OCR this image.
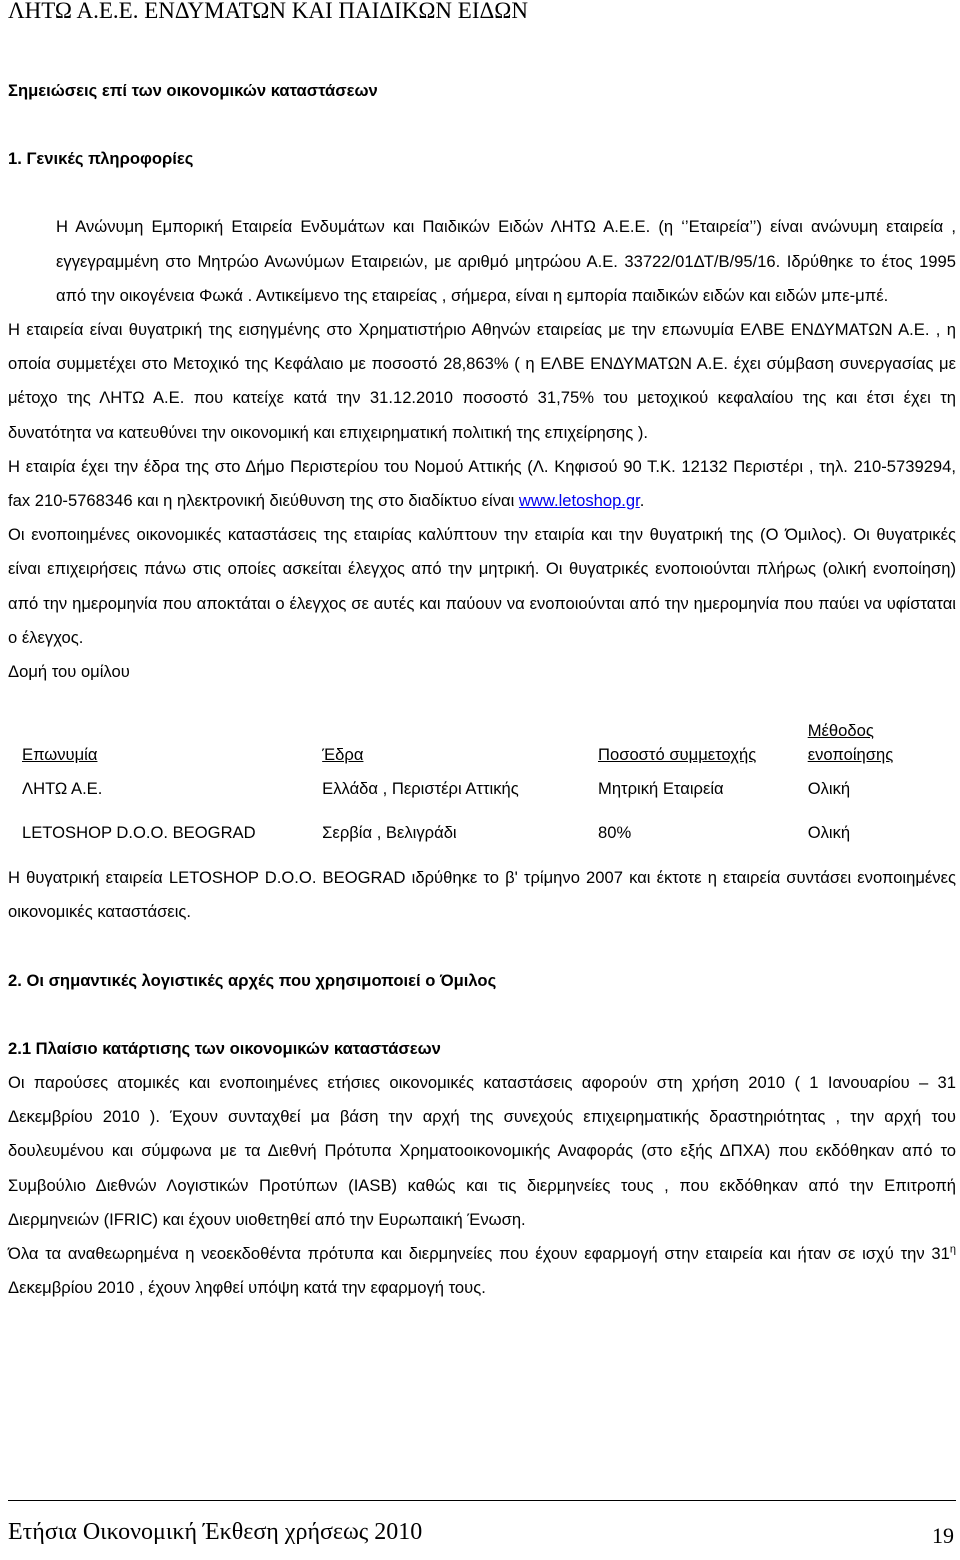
ΛΗΤΩ Α.Ε.Ε. ΕΝΔΥΜΑΤΩΝ ΚΑΙ ΠΑΙΔΙΚΩΝ ΕΙΔΩΝ

Σημειώσεις επί των οικονομικών καταστάσεων

1. Γενικές πληροφορίες

Η Ανώνυμη Εμπορική Εταιρεία Ενδυμάτων και Παιδικών Ειδών ΛΗΤΩ Α.Ε.Ε. (η ‘’Εταιρεία’’) είναι ανώνυμη εταιρεία , εγγεγραμμένη στο Μητρώο Ανωνύμων Εταιρειών, με αριθμό μητρώου Α.Ε. 33722/01ΔΤ/Β/95/16. Ιδρύθηκε το έτος 1995 από την οικογένεια Φωκά . Αντικείμενο της εταιρείας , σήμερα, είναι η εμπορία παιδικών ειδών και ειδών μπε-μπέ.

Η εταιρεία είναι θυγατρική της εισηγμένης στο Χρηματιστήριο Αθηνών εταιρείας με την επωνυμία ΕΛΒΕ ΕΝΔΥΜΑΤΩΝ Α.Ε. , η οποία συμμετέχει στο Μετοχικό της Κεφάλαιο με ποσοστό 28,863% ( η ΕΛΒΕ ΕΝΔΥΜΑΤΩΝ Α.Ε. έχει σύμβαση συνεργασίας με μέτοχο της ΛΗΤΩ Α.Ε. που κατείχε κατά την 31.12.2010 ποσοστό 31,75% του μετοχικού κεφαλαίου της και έτσι έχει τη δυνατότητα να κατευθύνει την οικονομική και επιχειρηματική πολιτική της επιχείρησης ).

Η εταιρία έχει την έδρα της στο Δήμο Περιστερίου του Νομού Αττικής (Λ. Κηφισού 90 Τ.Κ. 12132 Περιστέρι , τηλ. 210-5739294, fax 210-5768346 και η ηλεκτρονική διεύθυνση της στο διαδίκτυο είναι www.letoshop.gr.

Οι ενοποιημένες οικονομικές καταστάσεις της εταιρίας καλύπτουν την εταιρία και την θυγατρική της (Ο Όμιλος). Οι θυγατρικές είναι επιχειρήσεις πάνω στις οποίες ασκείται έλεγχος από την μητρική. Οι θυγατρικές ενοποιούνται πλήρως (ολική ενοποίηση) από την ημερομηνία που αποκτάται ο έλεγχος σε αυτές και παύουν να ενοποιούνται από την ημερομηνία που παύει να υφίσταται ο έλεγχος.

Δομή του ομίλου

Επωνυμία	Έδρα	Ποσοστό συμμετοχής	Μέθοδος ενοποίησης
ΛΗΤΩ Α.Ε.	Ελλάδα , Περιστέρι Αττικής	Μητρική Εταιρεία	Ολική
LETOSHOP D.O.O. BEOGRAD	Σερβία , Βελιγράδι	80%	Ολική

Η θυγατρική εταιρεία LETOSHOP D.O.O. BEOGRAD ιδρύθηκε το β' τρίμηνο 2007 και έκτοτε η εταιρεία συντάσει ενοποιημένες οικονομικές καταστάσεις.

2. Οι σημαντικές λογιστικές αρχές που χρησιμοποιεί ο Όμιλος

2.1 Πλαίσιο κατάρτισης των οικονομικών καταστάσεων

Οι παρούσες ατομικές και ενοποιημένες ετήσιες οικονομικές καταστάσεις αφορούν στη χρήση 2010 ( 1 Ιανουαρίου – 31 Δεκεμβρίου 2010 ). Έχουν συνταχθεί μα βάση την αρχή της συνεχούς επιχειρηματικής δραστηριότητας , την αρχή του δουλευμένου και σύμφωνα με τα Διεθνή Πρότυπα Χρηματοοικονομικής Αναφοράς (στο εξής ΔΠΧΑ) που εκδόθηκαν από το Συμβούλιο Διεθνών Λογιστικών Προτύπων (IASB) καθώς και τις διερμηνείες τους , που εκδόθηκαν από την Επιτροπή Διερμηνειών (IFRIC) και έχουν υιοθετηθεί από την Ευρωπαική Ένωση.

Όλα τα αναθεωρημένα η νεοεκδοθέντα πρότυπα και διερμηνείες που έχουν εφαρμογή στην εταιρεία και ήταν σε ισχύ την $31^\eta$ Δεκεμβρίου 2010 , έχουν ληφθεί υπόψη κατά την εφαρμογή τους.

Ετήσια Οικονομική Έκθεση χρήσεως 2010	19
